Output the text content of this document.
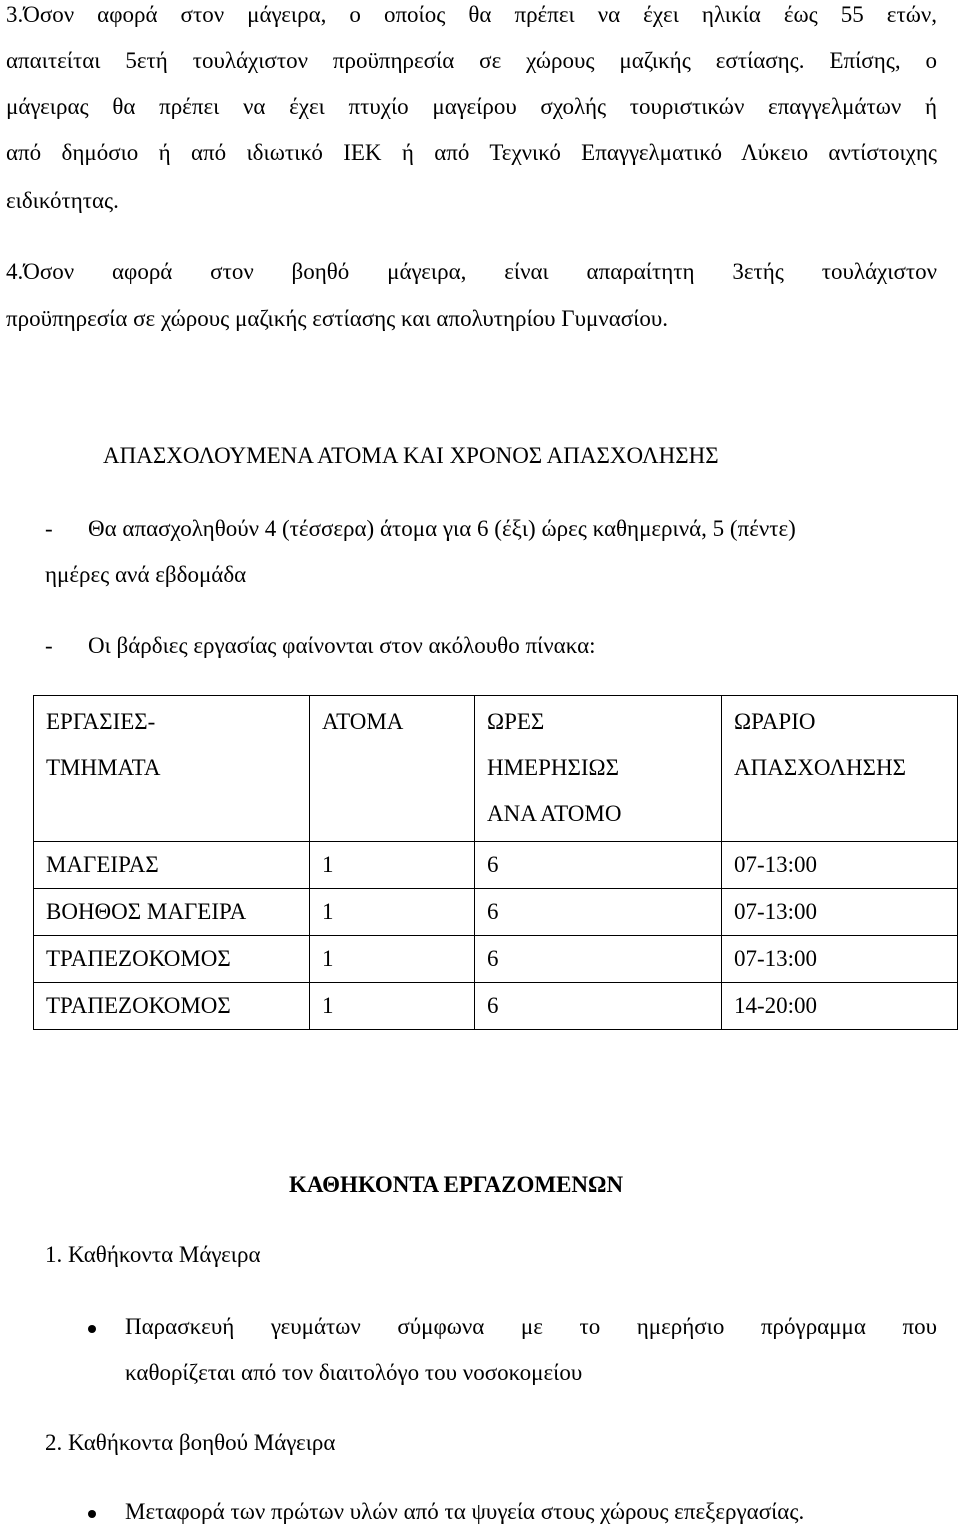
3.Όσον αφορά στον μάγειρα, ο οποίος θα πρέπει να έχει ηλικία έως 55 ετών,
απαιτείται 5ετή τουλάχιστον προϋπηρεσία σε χώρους μαζικής εστίασης. Επίσης, ο
μάγειρας θα πρέπει να έχει πτυχίο μαγείρου σχολής τουριστικών επαγγελμάτων ή
από δημόσιο ή από ιδιωτικό ΙΕΚ ή από Τεχνικό Επαγγελματικό Λύκειο αντίστοιχης
ειδικότητας.
4.Όσον αφορά στον βοηθό μάγειρα, είναι απαραίτητη 3ετής τουλάχιστον
προϋπηρεσία σε χώρους μαζικής εστίασης και απολυτηρίου Γυμνασίου.
ΑΠΑΣΧΟΛΟΥΜΕΝΑ ΑΤΟΜΑ ΚΑΙ ΧΡΟΝΟΣ ΑΠΑΣΧΟΛΗΣΗΣ
- Θα απασχοληθούν 4 (τέσσερα) άτομα για 6 (έξι) ώρες καθημερινά, 5 (πέντε)
ημέρες ανά εβδομάδα
- Οι βάρδιες εργασίας φαίνονται στον ακόλουθο πίνακα:
ΕΡΓΑΣΙΕΣ-
ΤΜΗΜΑΤΑ	ΑΤΟΜΑ	ΩΡΕΣ
ΗΜΕΡΗΣΙΩΣ
ΑΝΑ ΑΤΟΜΟ	ΩΡΑΡΙΟ
ΑΠΑΣΧΟΛΗΣΗΣ

ΜΑΓΕΙΡΑΣ	1	6	07-13:00
ΒΟΗΘΟΣ ΜΑΓΕΙΡΑ	1	6	07-13:00
ΤΡΑΠΕΖΟΚΟΜΟΣ	1	6	07-13:00
ΤΡΑΠΕΖΟΚΟΜΟΣ	1	6	14-20:00
ΚΑΘΗΚΟΝΤΑ ΕΡΓΑΖΟΜΕΝΩΝ
1. Καθήκοντα Μάγειρα
Παρασκευή γευμάτων σύμφωνα με το ημερήσιο πρόγραμμα που
καθορίζεται από τον διαιτολόγο του νοσοκομείου
2. Καθήκοντα βοηθού Μάγειρα
Μεταφορά των πρώτων υλών από τα ψυγεία στους χώρους επεξεργασίας.
